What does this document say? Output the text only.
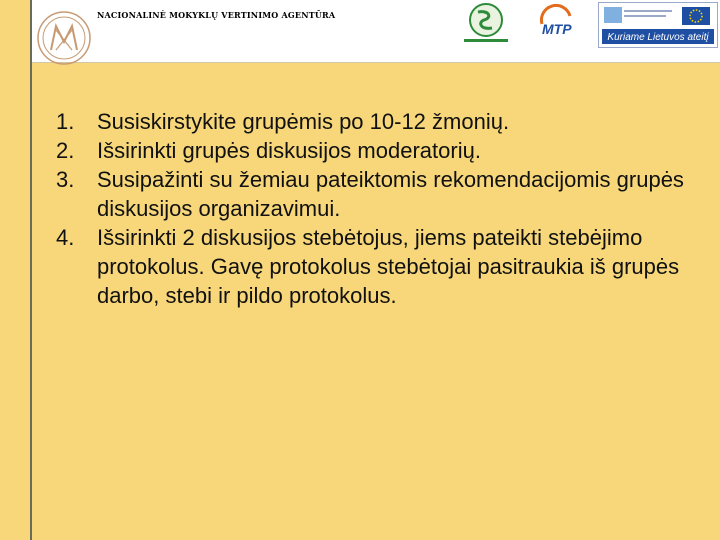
NACIONALINĖ MOKYKLŲ VERTINIMO AGENTŪRA
MTP
Kuriame Lietuvos ateitį
1.	Susiskirstykite grupėmis po 10-12 žmonių.
2.	Išsirinkti grupės diskusijos moderatorių.
3.	Susipažinti su žemiau pateiktomis rekomendacijomis grupės diskusijos organizavimui.
4.	Išsirinkti 2 diskusijos stebėtojus, jiems pateikti stebėjimo protokolus. Gavę protokolus stebėtojai pasitraukia iš grupės darbo, stebi ir pildo protokolus.
